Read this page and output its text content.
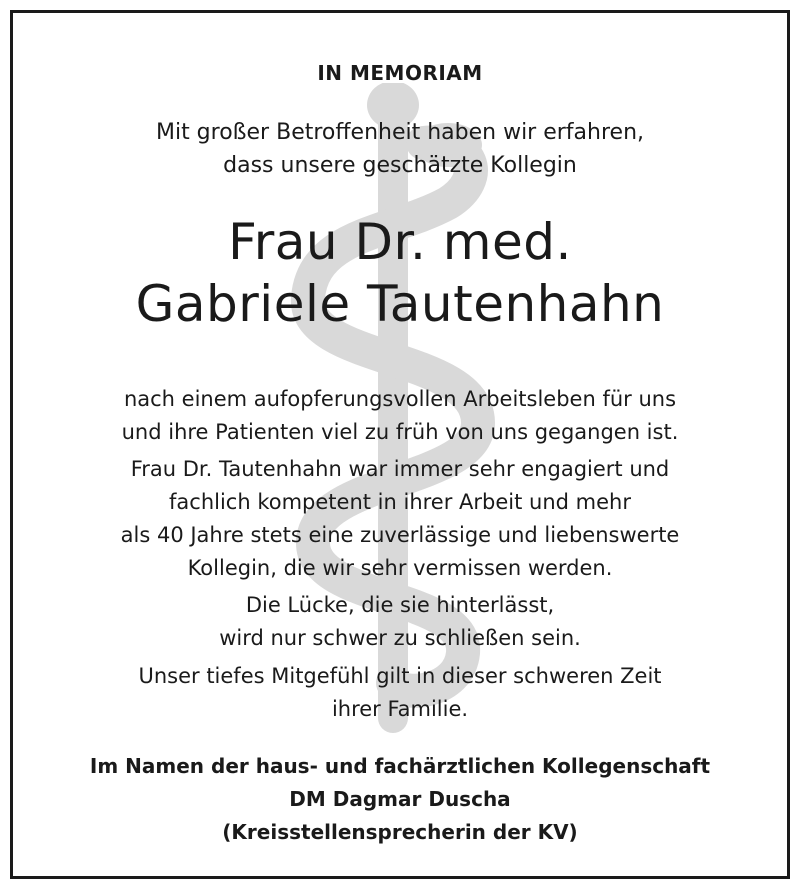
IN MEMORIAM
Mit großer Betroffenheit haben wir erfahren,
dass unsere geschätzte Kollegin
Frau Dr. med.
Gabriele Tautenhahn
nach einem aufopferungsvollen Arbeitsleben für uns
und ihre Patienten viel zu früh von uns gegangen ist.
Frau Dr. Tautenhahn war immer sehr engagiert und
fachlich kompetent in ihrer Arbeit und mehr
als 40 Jahre stets eine zuverlässige und liebenswerte
Kollegin, die wir sehr vermissen werden.
Die Lücke, die sie hinterlässt,
wird nur schwer zu schließen sein.
Unser tiefes Mitgefühl gilt in dieser schweren Zeit
ihrer Familie.
Im Namen der haus- und fachärztlichen Kollegenschaft
DM Dagmar Duscha
(Kreisstellensprecherin der KV)
